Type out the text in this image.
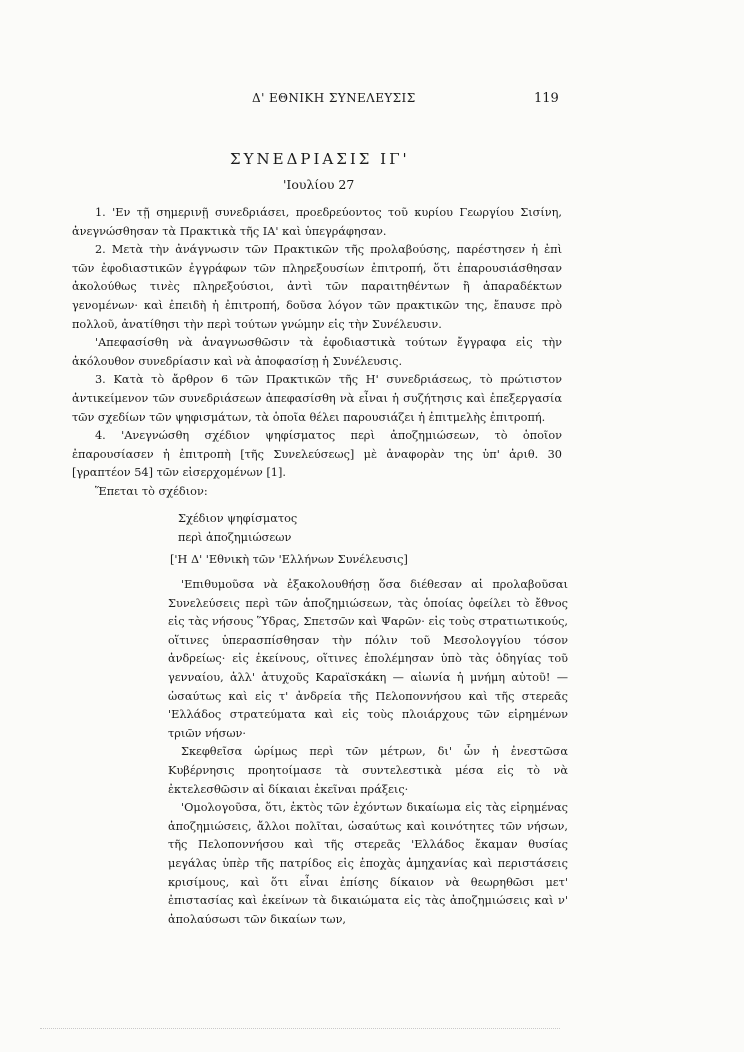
Δ' ΕΘΝΙΚΗ ΣΥΝΕΛΕΥΣΙΣ	119
ΣΥΝΕΔΡΙΑΣΙΣ ΙΓ'
'Ιουλίου 27

1. 'Εν τῇ σημερινῇ συνεδριάσει, προεδρεύοντος τοῦ κυρίου Γεωργίου Σισίνη, ἀνεγνώσθησαν τὰ Πρακτικὰ τῆς ΙΑ' καὶ ὑπεγράφησαν.

2. Μετὰ τὴν ἀνάγνωσιν τῶν Πρακτικῶν τῆς προλαβούσης, παρέστησεν ἡ ἐπὶ τῶν ἐφοδιαστικῶν ἐγγράφων τῶν πληρεξουσίων ἐπιτροπή, ὅτι ἐπαρουσιάσθησαν ἀκολούθως τινὲς πληρεξούσιοι, ἀντὶ τῶν παραιτηθέντων ἢ ἀπαραδέκτων γενομένων· καὶ ἐπειδὴ ἡ ἐπιτροπή, δοῦσα λόγον τῶν πρακτικῶν της, ἔπαυσε πρὸ πολλοῦ, ἀνατίθησι τὴν περὶ τούτων γνώμην εἰς τὴν Συνέλευσιν.

'Απεφασίσθη νὰ ἀναγνωσθῶσιν τὰ ἐφοδιαστικὰ τούτων ἔγγραφα εἰς τὴν ἀκόλουθον συνεδρίασιν καὶ νὰ ἀποφασίσῃ ἡ Συνέλευσις.

3. Κατὰ τὸ ἄρθρον 6 τῶν Πρακτικῶν τῆς Η' συνεδριάσεως, τὸ πρώτιστον ἀντικείμενον τῶν συνεδριάσεων ἀπεφασίσθη νὰ εἶναι ἡ συζήτησις καὶ ἐπεξεργασία τῶν σχεδίων τῶν ψηφισμάτων, τὰ ὁποῖα θέλει παρουσιάζει ἡ ἐπιτμελὴς ἐπιτροπή.

4. 'Ανεγνώσθη σχέδιον ψηφίσματος περὶ ἀποζημιώσεων, τὸ ὁποῖον ἐπαρουσίασεν ἡ ἐπιτροπὴ [τῆς Συνελεύσεως] μὲ ἀναφορὰν της ὑπ' ἀριθ. 30 [γραπτέον 54] τῶν εἰσερχομένων [1].

Ἕπεται τὸ σχέδιον:

Σχέδιον ψηφίσματος

περὶ ἀποζημιώσεων

['Η Δ' 'Εθνικὴ τῶν 'Ελλήνων Συνέλευσις]

'Επιθυμοῦσα νὰ ἐξακολουθήσῃ ὅσα διέθεσαν αἱ προλαβοῦσαι Συνελεύσεις περὶ τῶν ἀποζημιώσεων, τὰς ὁποίας ὀφείλει τὸ ἔθνος εἰς τὰς νήσους Ὕδρας, Σπετσῶν καὶ Ψαρῶν· εἰς τοὺς στρατιωτικούς, οἵτινες ὑπερασπίσθησαν τὴν πόλιν τοῦ Μεσολογγίου τόσον ἀνδρείως· εἰς ἐκείνους, οἵτινες ἐπολέμησαν ὑπὸ τὰς ὁδηγίας τοῦ γενναίου, ἀλλ' ἀτυχοῦς Καραϊσκάκη — αἰωνία ἡ μνήμη αὐτοῦ! — ὡσαύτως καὶ εἰς τ' ἀνδρεία τῆς Πελοποννήσου καὶ τῆς στερεᾶς 'Ελλάδος στρατεύματα καὶ εἰς τοὺς πλοιάρχους τῶν εἰρημένων τριῶν νήσων·

Σκεφθεῖσα ὡρίμως περὶ τῶν μέτρων, δι' ὧν ἡ ἐνεστῶσα Κυβέρνησις προητοίμασε τὰ συντελεστικὰ μέσα εἰς τὸ νὰ ἐκτελεσθῶσιν αἱ δίκαιαι ἐκεῖναι πράξεις·

'Ομολογοῦσα, ὅτι, ἐκτὸς τῶν ἐχόντων δικαίωμα εἰς τὰς εἰρημένας ἀποζημιώσεις, ἄλλοι πολῖται, ὡσαύτως καὶ κοινότητες τῶν νήσων, τῆς Πελοποννήσου καὶ τῆς στερεᾶς 'Ελλάδος ἔκαμαν θυσίας μεγάλας ὑπὲρ τῆς πατρίδος εἰς ἐποχὰς ἀμηχανίας καὶ περιστάσεις κρισίμους, καὶ ὅτι εἶναι ἐπίσης δίκαιον νὰ θεωρηθῶσι μετ' ἐπιστασίας καὶ ἐκείνων τὰ δικαιώματα εἰς τὰς ἀποζημιώσεις καὶ ν' ἀπολαύσωσι τῶν δικαίων των,
